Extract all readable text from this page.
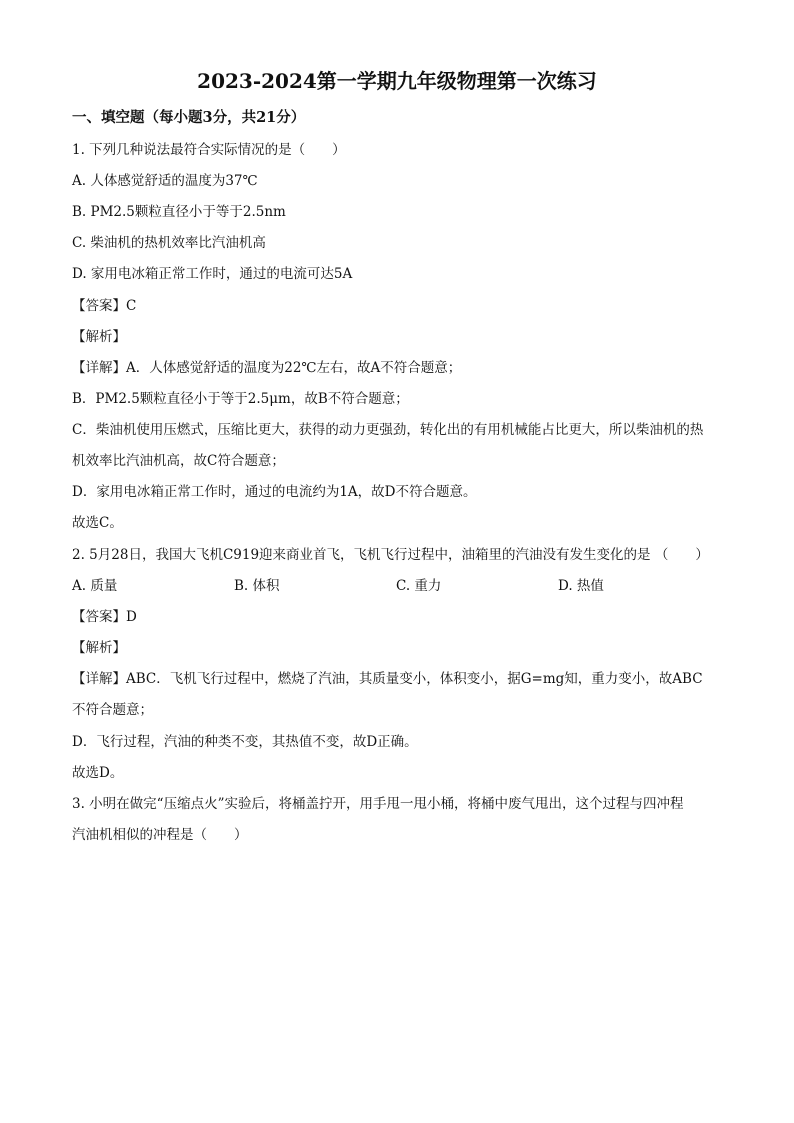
2023-2024第一学期九年级物理第一次练习
一、填空题（每小题3分，共21分）
1. 下列几种说法最符合实际情况的是（　　）
A. 人体感觉舒适的温度为37℃
B. PM2.5颗粒直径小于等于2.5nm
C. 柴油机的热机效率比汽油机高
D. 家用电冰箱正常工作时，通过的电流可达5A
【答案】C
【解析】
【详解】A．人体感觉舒适的温度为22℃左右，故A不符合题意；
B．PM2.5颗粒直径小于等于2.5μm，故B不符合题意；
C．柴油机使用压燃式，压缩比更大，获得的动力更强劲，转化出的有用机械能占比更大，所以柴油机的热
机效率比汽油机高，故C符合题意；
D．家用电冰箱正常工作时，通过的电流约为1A，故D不符合题意。
故选C。
2. 5月28日，我国大飞机C919迎来商业首飞，飞机飞行过程中，油箱里的汽油没有发生变化的是 （　　）
A. 质量	B. 体积	C. 重力	D. 热值
【答案】D
【解析】
【详解】ABC．飞机飞行过程中，燃烧了汽油，其质量变小，体积变小，据G=mg知，重力变小，故ABC
不符合题意；
D．飞行过程，汽油的种类不变，其热值不变，故D正确。
故选D。
3. 小明在做完“压缩点火”实验后，将桶盖拧开，用手甩一甩小桶，将桶中废气甩出，这个过程与四冲程
汽油机相似的冲程是（　　）
